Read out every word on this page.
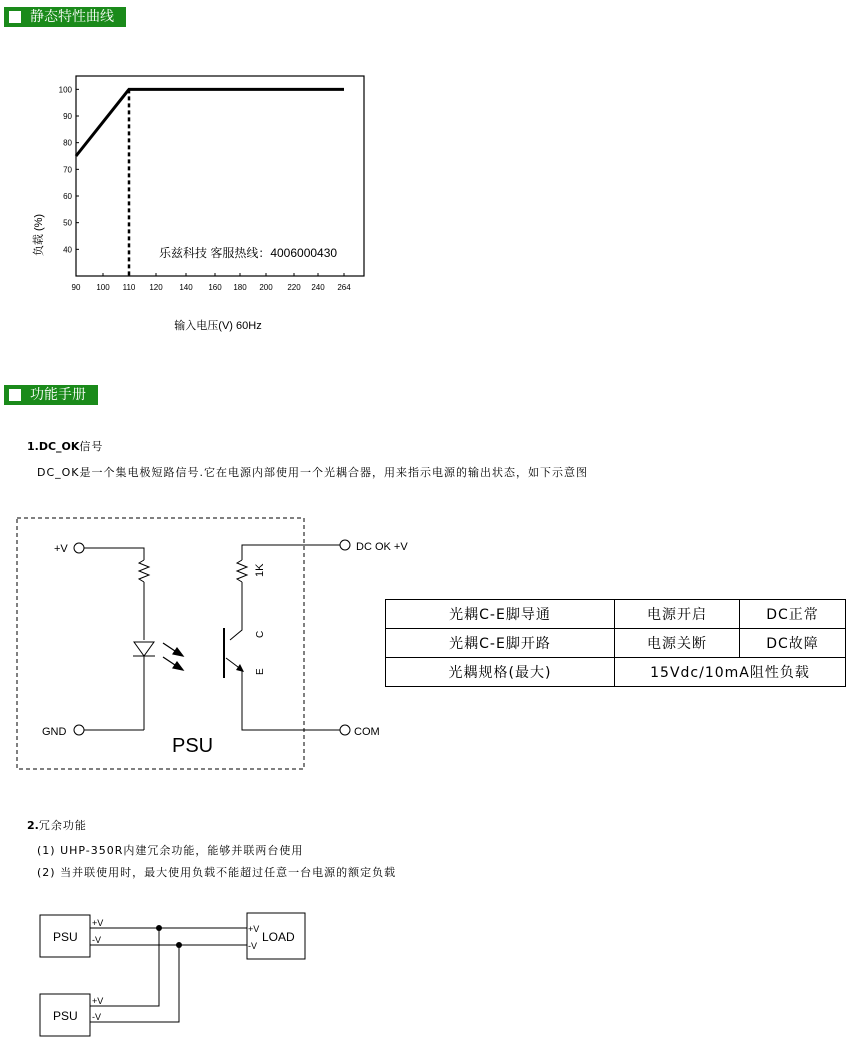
静态特性曲线
90 100 110 120 140 160 180 200 220 240 264
40
50
60
70
80
90
100
乐兹科技 客服热线：4006000430
负载 (%)
输入电压(V) 60Hz
功能手册
1.DC_OK信号
DC_OK是一个集电极短路信号.它在电源内部使用一个光耦合器，用来指示电源的输出状态，如下示意图
+V
GND
PSU
DC OK +V
COM
1K
C
E
光耦C-E脚导通	电源开启	DC正常
光耦C-E脚开路	电源关断	DC故障
光耦规格(最大)	15Vdc/10mA阻性负载	
2.冗余功能
(1) UHP-350R内建冗余功能，能够并联两台使用
(2) 当并联使用时，最大使用负载不能超过任意一台电源的额定负载
PSU
PSU
LOAD
+V
-V
+V
-V
+V
-V
